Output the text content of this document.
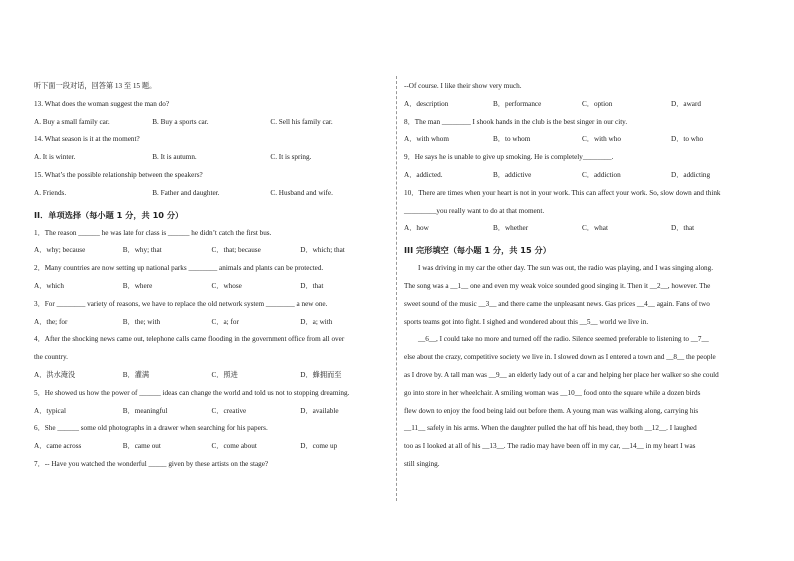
听下面一段对话，回答第 13 至 15 题。
13. What does the woman suggest the man do?
A. Buy a small family car.	B. Buy a sports car.	C. Sell his family car.
14. What season is it at the moment?
A. It is winter.	B. It is autumn.	C. It is spring.
15. What’s the possible relationship between the speakers?
A. Friends.	B. Father and daughter.	C. Husband and wife.
II．单项选择（每小题 1 分，共 10 分）
1．The reason ______ he was late for class is ______ he didn’t catch the first bus.
A．why; because	B．why; that	C．that; because	D．which; that
2．Many countries are now setting up national parks ________ animals and plants can be protected.
A．which	B．where	C．whose	D．that
3．For ________ variety of reasons, we have to replace the old network system ________ a new one.
A．the; for	B．the; with	C．a; for	D．a; with
4．After the shocking news came out, telephone calls came flooding in the government office from all over
the country.
A．洪水淹没	B．灌满	C．照进	D．蜂拥而至
5．He showed us how the power of ______ ideas can change the world and told us not to stopping dreaming.
A．typical	B．meaningful	C．creative	D．available
6．She ______ some old photographs in a drawer when searching for his papers.
A．came across	B．came out	C．come about	D．come up
7．-- Have you watched the wonderful _____ given by these artists on the stage?
--Of course. I like their show very much.
A．description	B．performance	C．option	D．award
8．The man ________ I shook hands in the club is the best singer in our city.
A．with whom	B．to whom	C．with who	D．to who
9．He says he is unable to give up smoking. He is completely________.
A．addicted.	B．addictive	C．addiction	D．addicting
10．There are times when your heart is not in your work. This can affect your work. So, slow down and think
_________you really want to do at that moment.
A．how	B．whether	C．what	D．that
III 完形填空（每小题 1 分，共 15 分）
I was driving in my car the other day. The sun was out, the radio was playing, and I was singing along.
The song was a __1__ one and even my weak voice sounded good singing it. Then it __2__, however. The
sweet sound of the music __3__ and there came the unpleasant news. Gas prices __4__ again. Fans of two
sports teams got into fight. I sighed and wondered about this __5__ world we live in.
__6__, I could take no more and turned off the radio. Silence seemed preferable to listening to __7__
else about the crazy, competitive society we live in. I slowed down as I entered a town and __8__ the people
as I drove by. A tall man was __9__ an elderly lady out of a car and helping her place her walker so she could
go into store in her wheelchair. A smiling woman was __10__ food onto the square while a dozen birds
flew down to enjoy the food being laid out before them. A young man was walking along, carrying his
__11__ safely in his arms. When the daughter pulled the hat off his head, they both __12__. I laughed
too as I looked at all of his __13__. The radio may have been off in my car, __14__ in my heart I was
still singing.
